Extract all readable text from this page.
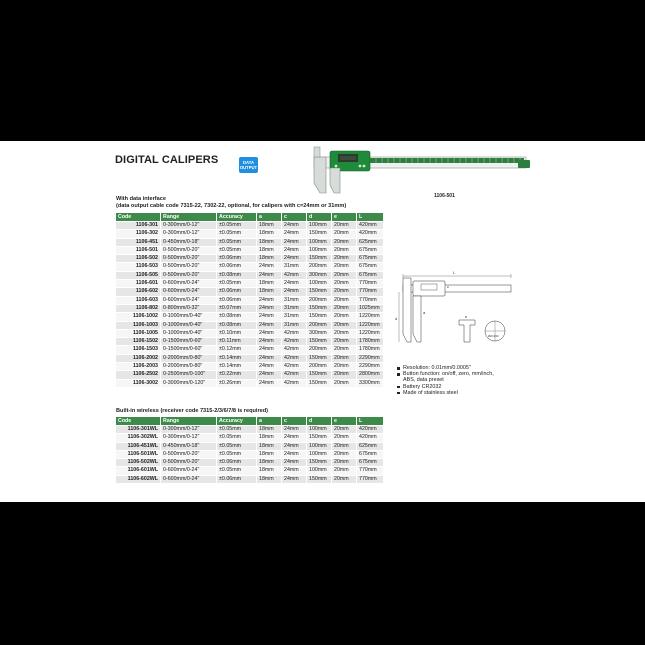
DIGITAL CALIPERS	DATA
OUTPUT
1106-501
With data interface
(data output cable code 7315-22, 7302-22, optional, for calipers with c=24mm or 31mm)
Code	Range	Accuracy	a	c	d	e	L
1106-301	0-300mm/0-12"	±0.05mm	18mm	24mm	100mm	20mm	420mm
1106-302	0-300mm/0-12"	±0.05mm	18mm	24mm	150mm	20mm	420mm
1106-451	0-450mm/0-18"	±0.05mm	18mm	24mm	100mm	20mm	625mm
1106-501	0-500mm/0-20"	±0.05mm	18mm	24mm	100mm	20mm	675mm
1106-502	0-500mm/0-20"	±0.06mm	18mm	24mm	150mm	20mm	675mm
1106-503	0-500mm/0-20"	±0.06mm	24mm	31mm	200mm	20mm	675mm
1106-505	0-500mm/0-20"	±0.08mm	24mm	42mm	300mm	20mm	675mm
1106-601	0-600mm/0-24"	±0.05mm	18mm	24mm	100mm	20mm	770mm
1106-602	0-600mm/0-24"	±0.06mm	18mm	24mm	150mm	20mm	770mm
1106-603	0-600mm/0-24"	±0.06mm	24mm	31mm	200mm	20mm	770mm
1106-802	0-800mm/0-32"	±0.07mm	24mm	31mm	150mm	20mm	1025mm
1106-1002	0-1000mm/0-40"	±0.08mm	24mm	31mm	150mm	20mm	1220mm
1106-1003	0-1000mm/0-40"	±0.08mm	24mm	31mm	200mm	20mm	1220mm
1106-1005	0-1000mm/0-40"	±0.10mm	24mm	42mm	300mm	20mm	1220mm
1106-1502	0-1500mm/0-60"	±0.11mm	24mm	42mm	150mm	20mm	1780mm
1106-1503	0-1500mm/0-60"	±0.12mm	24mm	42mm	200mm	20mm	1780mm
1106-2002	0-2000mm/0-80"	±0.14mm	24mm	42mm	150mm	20mm	2290mm
1106-2003	0-2000mm/0-80"	±0.14mm	24mm	42mm	200mm	20mm	2290mm
1106-2502	0-2500mm/0-100"	±0.22mm	24mm	42mm	150mm	20mm	2800mm
1106-3002	0-3000mm/0-120"	±0.26mm	24mm	42mm	150mm	20mm	3300mm
Built-in wireless (receiver code 7315-2/3/6/7/8 is required)
Code	Range	Accuracy	a	c	d	e	L
1106-301WL	0-300mm/0-12"	±0.05mm	18mm	24mm	100mm	20mm	420mm
1106-302WL	0-300mm/0-12"	±0.05mm	18mm	24mm	150mm	20mm	420mm
1106-451WL	0-450mm/0-18"	±0.05mm	18mm	24mm	100mm	20mm	625mm
1106-501WL	0-500mm/0-20"	±0.05mm	18mm	24mm	100mm	20mm	675mm
1106-502WL	0-500mm/0-20"	±0.06mm	18mm	24mm	150mm	20mm	675mm
1106-601WL	0-600mm/0-24"	±0.05mm	18mm	24mm	100mm	20mm	770mm
1106-602WL	0-600mm/0-24"	±0.06mm	18mm	24mm	150mm	20mm	770mm
L
d
a
c
e
Ø22 Ø20
Resolution: 0.01mm/0.0005"
Button function: on/off, zero, mm/inch, ABS, data preset
Battery CR2032
Made of stainless steel
